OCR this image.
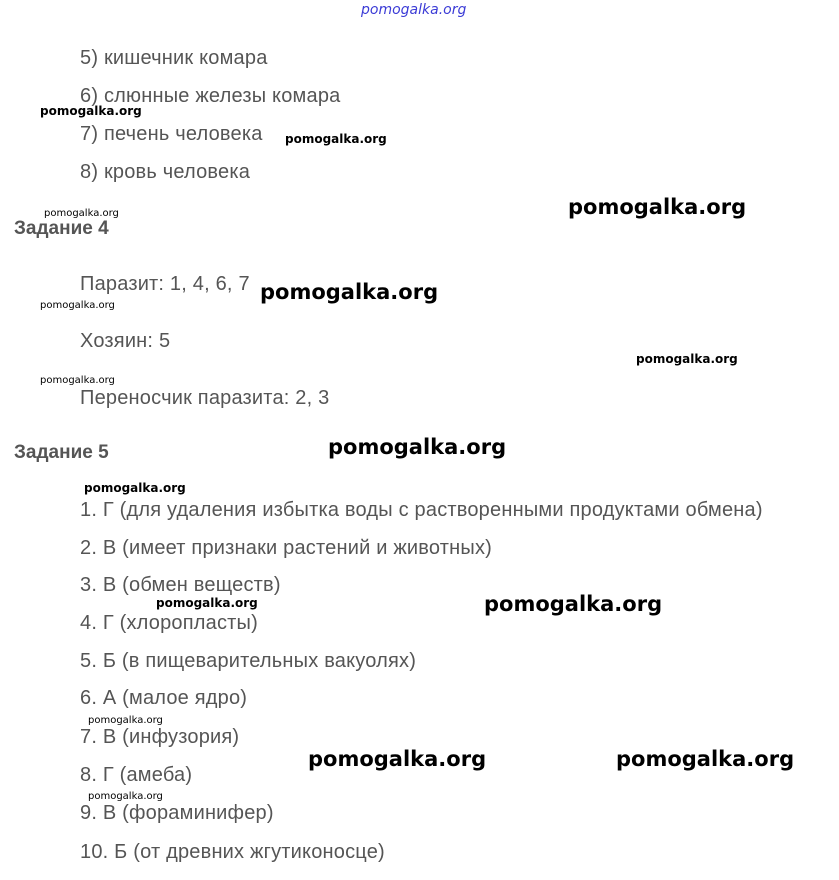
pomogalka.org
5) кишечник комара
6) слюнные железы комара
7) печень человека
8) кровь человека
Задание 4
Паразит: 1, 4, 6, 7
Хозяин: 5
Переносчик паразита: 2, 3
Задание 5
1. Г (для удаления избытка воды с растворенными продуктами обмена)
2. В (имеет признаки растений и животных)
3. В (обмен веществ)
4. Г (хлоропласты)
5. Б (в пищеварительных вакуолях)
6. А (малое ядро)
7. В (инфузория)
8. Г (амеба)
9. В (фораминифер)
10. Б (от древних жгутиконосце)
pomogalka.org
pomogalka.org
pomogalka.org
pomogalka.org
pomogalka.org
pomogalka.org
pomogalka.org
pomogalka.org
pomogalka.org
pomogalka.org
pomogalka.org
pomogalka.org
pomogalka.org
pomogalka.org	pomogalka.org
pomogalka.org
